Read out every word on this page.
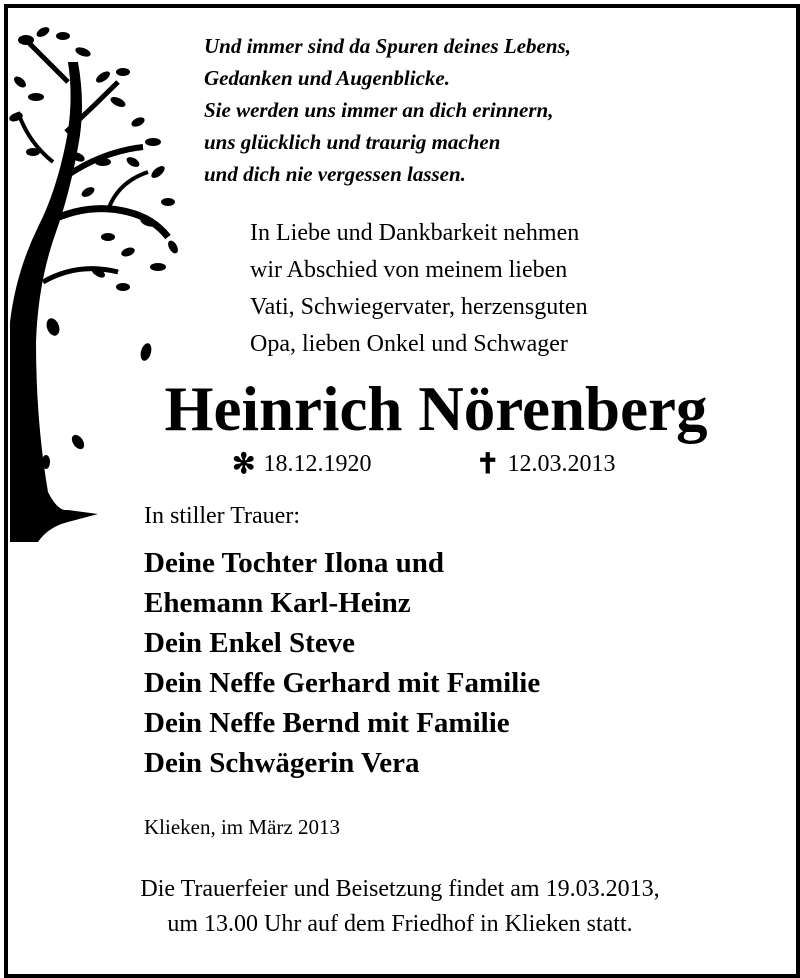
Und immer sind da Spuren deines Lebens,
Gedanken und Augenblicke.
Sie werden uns immer an dich erinnern,
uns glücklich und traurig machen
und dich nie vergessen lassen.
In Liebe und Dankbarkeit nehmen
wir Abschied von meinem lieben
Vati, Schwiegervater, herzensguten
Opa, lieben Onkel und Schwager
Heinrich Nörenberg
✻ 18.12.1920	✝ 12.03.2013
In stiller Trauer:
Deine Tochter Ilona und
Ehemann Karl-Heinz
Dein Enkel Steve
Dein Neffe Gerhard mit Familie
Dein Neffe Bernd mit Familie
Dein Schwägerin Vera
Klieken, im März 2013
Die Trauerfeier und Beisetzung findet am 19.03.2013,
um 13.00 Uhr auf dem Friedhof in Klieken statt.
